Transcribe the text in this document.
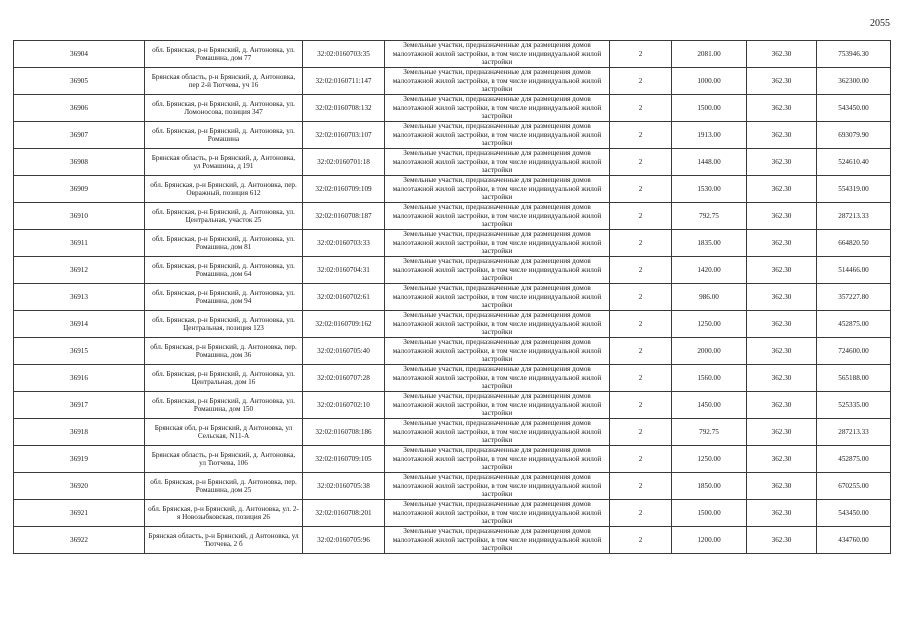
2055
36904	обл. Брянская, р-н Брянский, д. Антоновка, ул. Ромашина, дом 77	32:02:0160703:35	Земельные участки, предназначенные для размещения домов малоэтажной жилой застройки, в том числе индивидуальной жилой застройки	2	2081.00	362.30	753946.30
36905	Брянская область, р-н Брянский, д. Антоновка, пер 2-й Тютчева, уч 16	32:02:0160711:147	Земельные участки, предназначенные для размещения домов малоэтажной жилой застройки, в том числе индивидуальной жилой застройки	2	1000.00	362.30	362300.00
36906	обл. Брянская, р-н Брянский, д. Антоновка, ул. Ломоносова, позиция 347	32:02:0160708:132	Земельные участки, предназначенные для размещения домов малоэтажной жилой застройки, в том числе индивидуальной жилой застройки	2	1500.00	362.30	543450.00
36907	обл. Брянская, р-н Брянский, д. Антоновка, ул. Ромашина	32:02:0160703:107	Земельные участки, предназначенные для размещения домов малоэтажной жилой застройки, в том числе индивидуальной жилой застройки	2	1913.00	362.30	693079.90
36908	Брянская область, р-н Брянский, д. Антоновка, ул Ромашина, д 191	32:02:0160701:18	Земельные участки, предназначенные для размещения домов малоэтажной жилой застройки, в том числе индивидуальной жилой застройки	2	1448.00	362.30	524610.40
36909	обл. Брянская, р-н Брянский, д. Антоновка, пер. Овражный, позиция 612	32:02:0160709:109	Земельные участки, предназначенные для размещения домов малоэтажной жилой застройки, в том числе индивидуальной жилой застройки	2	1530.00	362.30	554319.00
36910	обл. Брянская, р-н Брянский, д. Антоновка, ул. Центральная, участок 25	32:02:0160708:187	Земельные участки, предназначенные для размещения домов малоэтажной жилой застройки, в том числе индивидуальной жилой застройки	2	792.75	362.30	287213.33
36911	обл. Брянская, р-н Брянский, д. Антоновка, ул. Ромашина, дом 81	32:02:0160703:33	Земельные участки, предназначенные для размещения домов малоэтажной жилой застройки, в том числе индивидуальной жилой застройки	2	1835.00	362.30	664820.50
36912	обл. Брянская, р-н Брянский, д. Антоновка, ул. Ромашина, дом 64	32:02:0160704:31	Земельные участки, предназначенные для размещения домов малоэтажной жилой застройки, в том числе индивидуальной жилой застройки	2	1420.00	362.30	514466.00
36913	обл. Брянская, р-н Брянский, д. Антоновка, ул. Ромашина, дом 94	32:02:0160702:61	Земельные участки, предназначенные для размещения домов малоэтажной жилой застройки, в том числе индивидуальной жилой застройки	2	986.00	362.30	357227.80
36914	обл. Брянская, р-н Брянский, д. Антоновка, ул. Центральная, позиция 123	32:02:0160709:162	Земельные участки, предназначенные для размещения домов малоэтажной жилой застройки, в том числе индивидуальной жилой застройки	2	1250.00	362.30	452875.00
36915	обл. Брянская, р-н Брянский, д. Антоновка, пер. Ромашина, дом 36	32:02:0160705:40	Земельные участки, предназначенные для размещения домов малоэтажной жилой застройки, в том числе индивидуальной жилой застройки	2	2000.00	362.30	724600.00
36916	обл. Брянская, р-н Брянский, д. Антоновка, ул. Центральная, дом 16	32:02:0160707:28	Земельные участки, предназначенные для размещения домов малоэтажной жилой застройки, в том числе индивидуальной жилой застройки	2	1560.00	362.30	565188.00
36917	обл. Брянская, р-н Брянский, д. Антоновка, ул. Ромашина, дом 150	32:02:0160702:10	Земельные участки, предназначенные для размещения домов малоэтажной жилой застройки, в том числе индивидуальной жилой застройки	2	1450.00	362.30	525335.00
36918	Брянская обл, р-н Брянский, д Антоновка, ул Сельская, N11-А	32:02:0160708:186	Земельные участки, предназначенные для размещения домов малоэтажной жилой застройки, в том числе индивидуальной жилой застройки	2	792.75	362.30	287213.33
36919	Брянская область, р-н Брянский, д. Антоновка, ул Тютчева, 106	32:02:0160709:105	Земельные участки, предназначенные для размещения домов малоэтажной жилой застройки, в том числе индивидуальной жилой застройки	2	1250.00	362.30	452875.00
36920	обл. Брянская, р-н Брянский, д. Антоновка, пер. Ромашина, дом 25	32:02:0160705:38	Земельные участки, предназначенные для размещения домов малоэтажной жилой застройки, в том числе индивидуальной жилой застройки	2	1850.00	362.30	670255.00
36921	обл. Брянская, р-н Брянский, д. Антоновка, ул. 2-я Новозыбковская, позиция 26	32:02:0160708:201	Земельные участки, предназначенные для размещения домов малоэтажной жилой застройки, в том числе индивидуальной жилой застройки	2	1500.00	362.30	543450.00
36922	Брянская область, р-н Брянский, д Антоновка, ул Тютчева, 2 б	32:02:0160705:96	Земельные участки, предназначенные для размещения домов малоэтажной жилой застройки, в том числе индивидуальной жилой застройки	2	1200.00	362.30	434760.00
